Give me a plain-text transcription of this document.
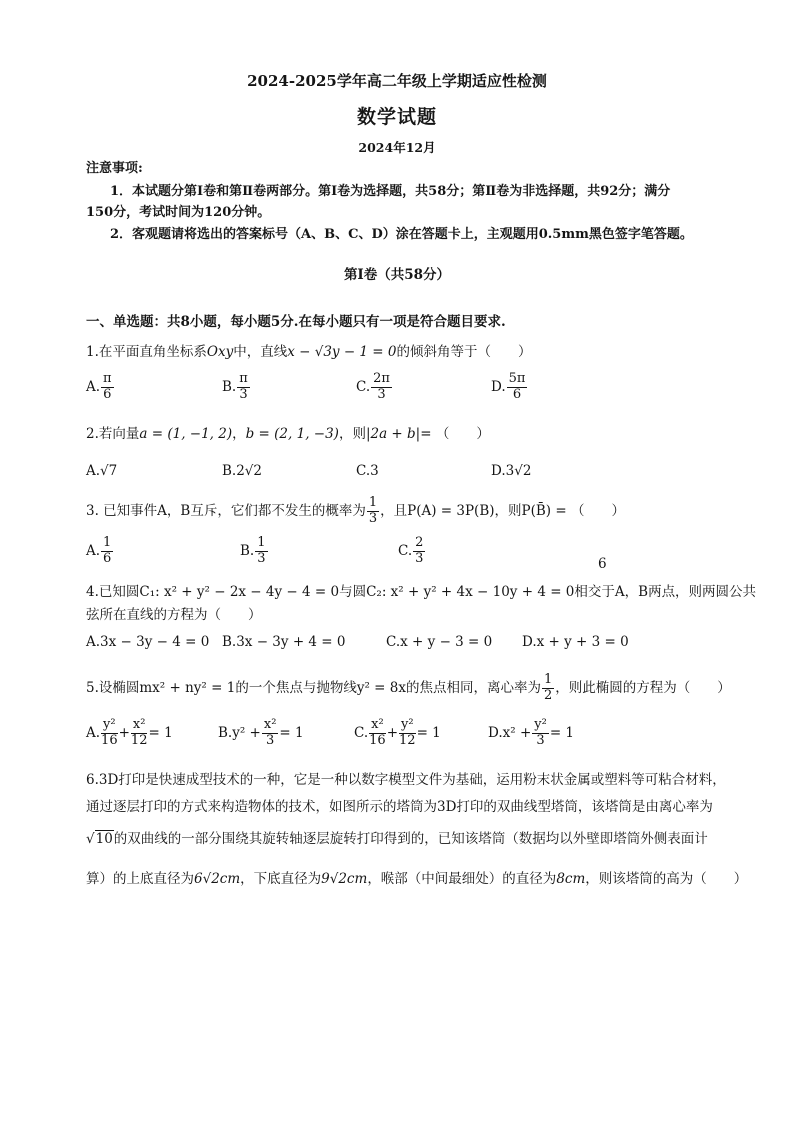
2024-2025学年高二年级上学期适应性检测
数学试题
2024年12月
注意事项:
1．本试题分第Ⅰ卷和第Ⅱ卷两部分。第Ⅰ卷为选择题，共58分；第Ⅱ卷为非选择题，共92分；满分
150分，考试时间为120分钟。
2．客观题请将选出的答案标号（A、B、C、D）涂在答题卡上，主观题用0.5mm黑色签字笔答题。
第Ⅰ卷（共58分）
一、单选题：共8小题，每小题5分.在每小题只有一项是符合题目要求.
1.在平面直角坐标系Oxy中，直线x − √3y − 1 = 0的倾斜角等于（　　）
A. $\frac{\pi}{6}$	B. $\frac{\pi}{3}$	C. $\frac{2\pi}{3}$	D. $\frac{5\pi}{6}$
2.若向量a = (1, −1, 2)，b = (2, 1, −3)，则|2a + b|= （　　）
A.√7	B.2√2	C.3	D.3√2
3. 已知事件A，B互斥，它们都不发生的概率为 $\frac{1}{3}$ ，且P(A) = 3P(B)，则P(B̄) = （　　）
A. $\frac{1}{6}$	B. $\frac{1}{3}$	C. $\frac{2}{3}$	6
4.已知圆C₁: x² + y² − 2x − 4y − 4 = 0与圆C₂: x² + y² + 4x − 10y + 4 = 0相交于A，B两点，则两圆公共
弦所在直线的方程为（　　）
A.3x − 3y − 4 = 0 B.3x − 3y + 4 = 0	C.x + y − 3 = 0 D.x + y + 3 = 0
5.设椭圆mx² + ny² = 1的一个焦点与抛物线y² = 8x的焦点相同，离心率为 $\frac{1}{2}$ ，则此椭圆的方程为（　　）
A. $\frac{\text{y²}}{16} + \frac{\text{x²}}{12} = 1$	$B.y^2 + \frac{\text{x²}}{3} = 1$	C. $\frac{\text{x²}}{16} + \frac{\text{y²}}{12} = 1$	$D.x^2 + \frac{\text{y²}}{3} = 1$
6.3D打印是快速成型技术的一种，它是一种以数字模型文件为基础，运用粉末状金属或塑料等可粘合材料，
通过逐层打印的方式来构造物体的技术，如图所示的塔筒为3D打印的双曲线型塔筒，该塔筒是由离心率为
√10的双曲线的一部分围绕其旋转轴逐层旋转打印得到的，已知该塔筒（数据均以外壁即塔筒外侧表面计
算）的上底直径为6√2cm，下底直径为9√2cm，喉部（中间最细处）的直径为8cm，则该塔筒的高为（　　）
